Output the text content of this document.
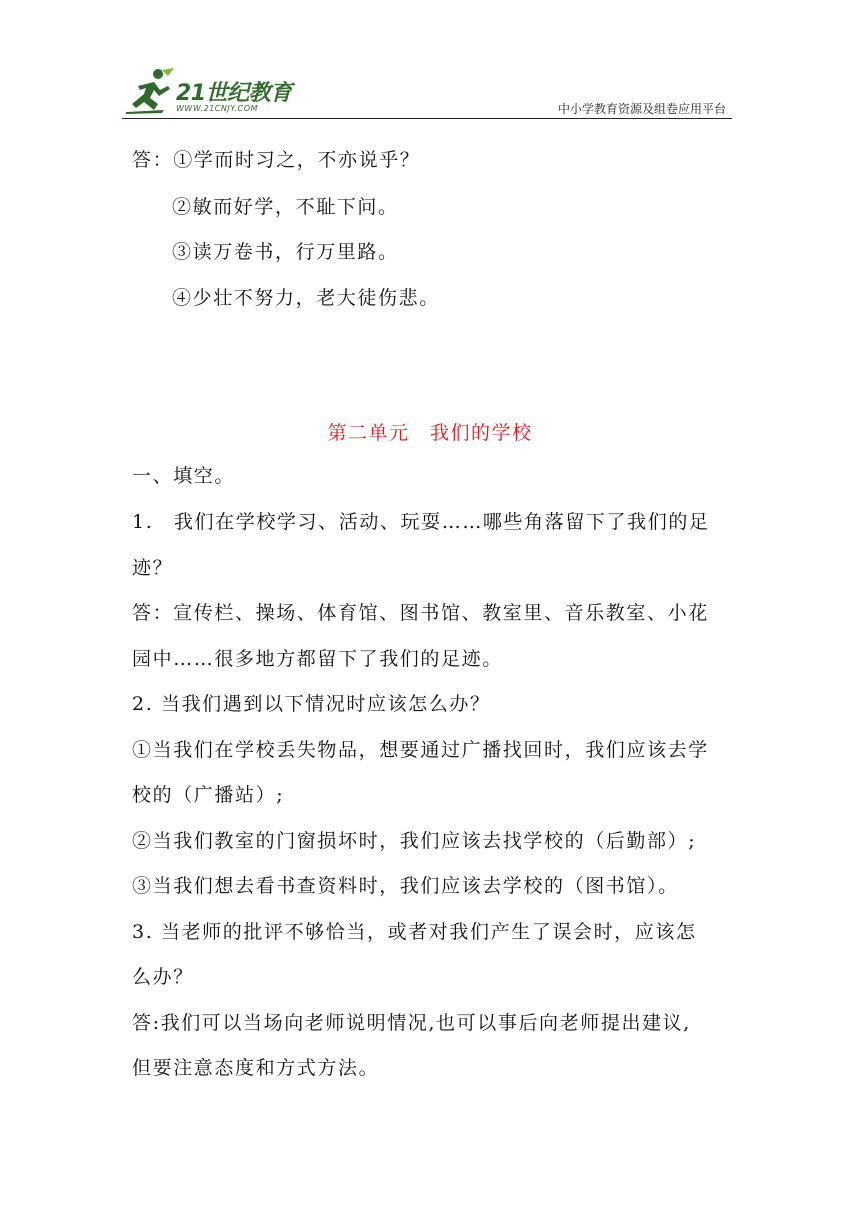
21世纪教育
WWW.21CNJY.COM	中小学教育资源及组卷应用平台
答：①学而时习之，不亦说乎？
②敏而好学，不耻下问。
③读万卷书，行万里路。
④少壮不努力，老大徒伤悲。
第二单元　我们的学校
一、填空。
1.　我们在学校学习、活动、玩耍……哪些角落留下了我们的足
迹？
答：宣传栏、操场、体育馆、图书馆、教室里、音乐教室、小花
园中……很多地方都留下了我们的足迹。
2. 当我们遇到以下情况时应该怎么办？
①当我们在学校丢失物品，想要通过广播找回时，我们应该去学
校的（广播站）;
②当我们教室的门窗损坏时，我们应该去找学校的（后勤部）;
③当我们想去看书查资料时，我们应该去学校的（图书馆）。
3. 当老师的批评不够恰当，或者对我们产生了误会时，应该怎
么办？
答:我们可以当场向老师说明情况,也可以事后向老师提出建议,
但要注意态度和方式方法。
